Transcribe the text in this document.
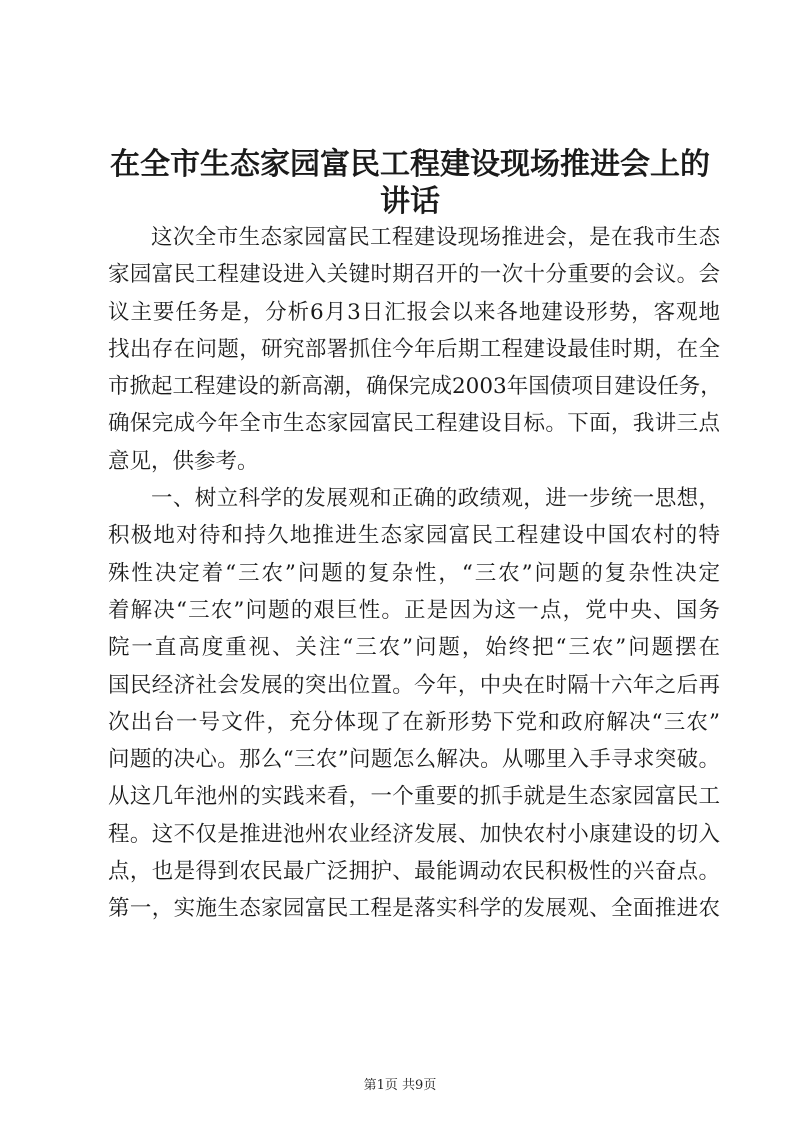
在全市生态家园富民工程建设现场推进会上的
讲话
这次全市生态家园富民工程建设现场推进会，是在我市生态
家园富民工程建设进入关键时期召开的一次十分重要的会议。会
议主要任务是，分析6月3日汇报会以来各地建设形势，客观地
找出存在问题，研究部署抓住今年后期工程建设最佳时期，在全
市掀起工程建设的新高潮，确保完成2003年国债项目建设任务，
确保完成今年全市生态家园富民工程建设目标。下面，我讲三点
意见，供参考。
一、树立科学的发展观和正确的政绩观，进一步统一思想，
积极地对待和持久地推进生态家园富民工程建设中国农村的特
殊性决定着“三农”问题的复杂性，“三农”问题的复杂性决定
着解决“三农”问题的艰巨性。正是因为这一点，党中央、国务
院一直高度重视、关注“三农”问题，始终把“三农”问题摆在
国民经济社会发展的突出位置。今年，中央在时隔十六年之后再
次出台一号文件，充分体现了在新形势下党和政府解决“三农”
问题的决心。那么“三农”问题怎么解决。从哪里入手寻求突破。
从这几年池州的实践来看，一个重要的抓手就是生态家园富民工
程。这不仅是推进池州农业经济发展、加快农村小康建设的切入
点，也是得到农民最广泛拥护、最能调动农民积极性的兴奋点。
第一，实施生态家园富民工程是落实科学的发展观、全面推进农
第1页 共9页
